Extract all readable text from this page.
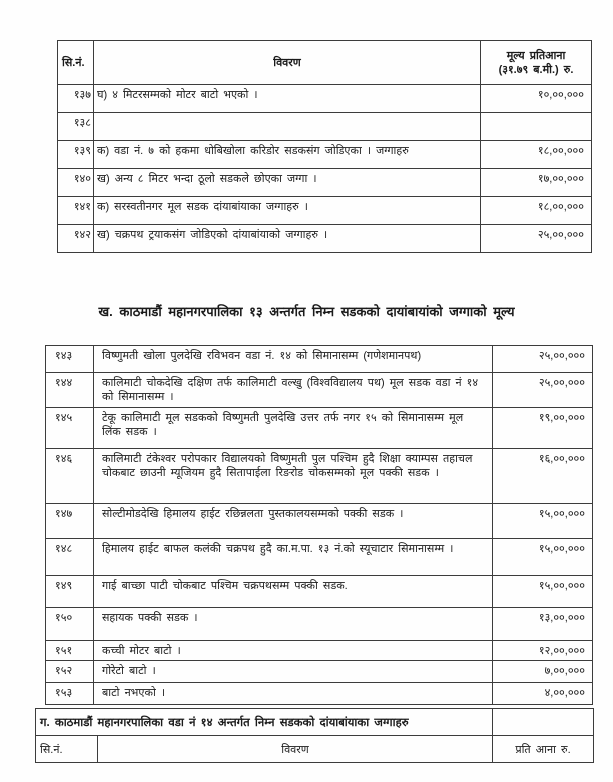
सि.नं.	विवरण	मूल्य प्रतिआना
(३१.७९ ब.मी.) रु.

१३७	घ) ४ मिटरसम्मको मोटर बाटो भएको ।	१०,००,०००
१३८		
१३९	क) वडा नं. ७ को हकमा धोबिखोला करिडोर सडकसंग जोडिएका । जग्गाहरु	१८,००,०००
१४०	ख) अन्य ८ मिटर भन्दा ठूलो सडकले छोएका जग्गा ।	१७,००,०००
१४१	क) सरस्वतीनगर मूल सडक दांयाबांयाका जग्गाहरु ।	१८,००,०००
१४२	ख) चक्रपथ ट्रयाकसंग जोडिएको दांयाबांयाको जग्गाहरु ।	२५,००,०००
ख. काठमाडौं महानगरपालिका १३ अन्तर्गत निम्न सडकको दायांबायांको जग्गाको मूल्य
१४३	विष्णुमती खोला पुलदेखि रविभवन वडा नं. १४ को सिमानासम्म (गणेशमानपथ)	२५,००,०००
१४४	कालिमाटी चोकदेखि दक्षिण तर्फ कालिमाटी वल्खु (विश्वविद्यालय पथ) मूल सडक वडा नं १४ को सिमानासम्म ।	२५,००,०००
१४५	टेकू कालिमाटी मूल सडकको विष्णुमती पुलदेखि उत्तर तर्फ नगर १५ को सिमानासम्म मूल लिंक सडक ।	१९,००,०००
१४६	कालिमाटी टंकेश्वर परोपकार विद्यालयको विष्णुमती पुल पश्चिम हुदै शिक्षा क्याम्पस तहाचल चोकबाट छाउनी म्यूजियम हुदै सितापाईला रिङरोड चोकसम्मको मूल पक्की सडक ।	१६,००,०००
१४७	सोल्टीमोडदेखि हिमालय हाईट रछिन्नलता पुस्तकालयसम्मको पक्की सडक ।	१५,००,०००
१४८	हिमालय हाईट बाफल कलंकी चक्रपथ हुदै का.म.पा. १३ नं.को स्यूचाटार सिमानासम्म ।	१५,००,०००
१४९	गाई बाच्छा पाटी चोकबाट पश्चिम चक्रपथसम्म पक्की सडक.	१५,००,०००
१५०	सहायक पक्की सडक ।	१३,००,०००
१५१	कच्ची मोटर बाटो ।	१२,००,०००
१५२	गोरेटो बाटो ।	७,००,०००
१५३	बाटो नभएको ।	४,००,०००
ग. काठमाडौं महानगरपालिका वडा नं १४ अन्तर्गत निम्न सडकको दांयाबांयाका जग्गाहरु		
सि.नं.	विवरण	प्रति आना रु.
